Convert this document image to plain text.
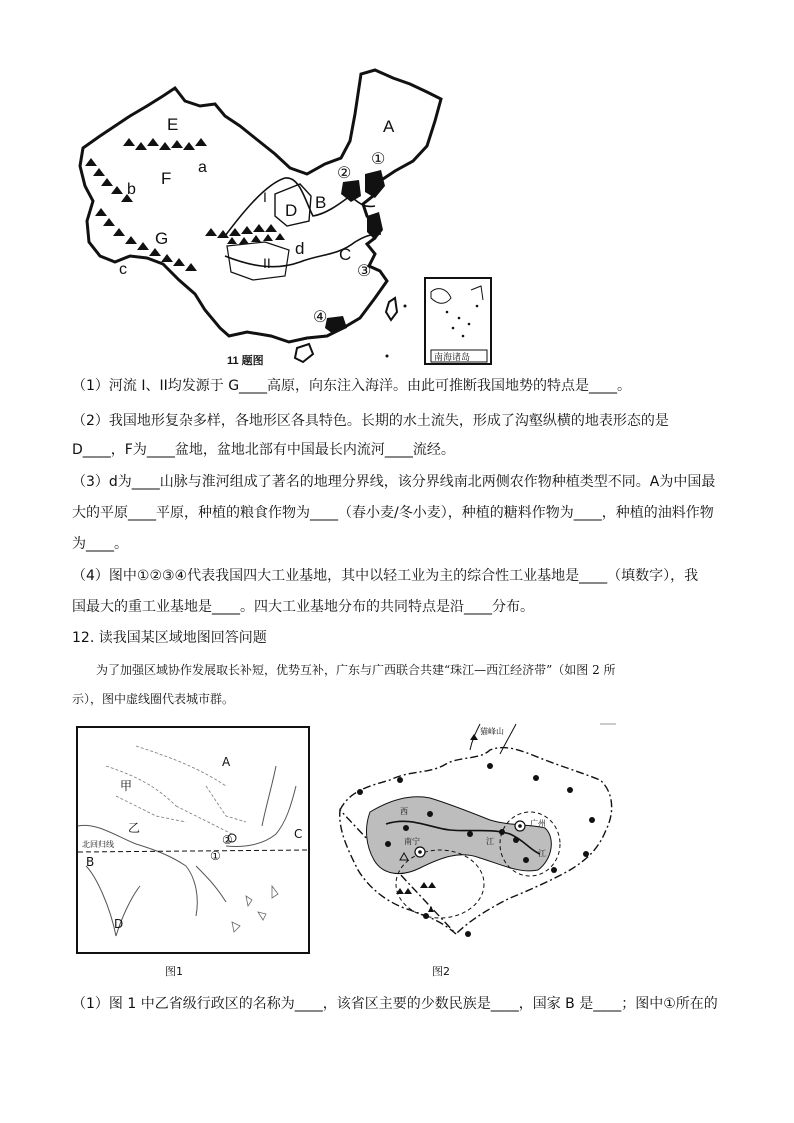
E
a
F
b
G
c
A
I
D B
d
II	C
①
②
③
④
11 题图	南海诸岛
（1）河流 I、II均发源于 G____高原，向东注入海洋。由此可推断我国地势的特点是____。
（2）我国地形复杂多样，各地形区各具特色。长期的水土流失，形成了沟壑纵横的地表形态的是
D____，F为____盆地，盆地北部有中国最长内流河____流经。
（3）d为____山脉与淮河组成了著名的地理分界线，该分界线南北两侧农作物种植类型不同。A为中国最
大的平原____平原，种植的粮食作物为____（春小麦/冬小麦），种植的糖料作物为____，种植的油料作物
为____。
（4）图中①②③④代表我国四大工业基地，其中以轻工业为主的综合性工业基地是____（填数字），我
国最大的重工业基地是____。四大工业基地分布的共同特点是沿____分布。
12. 读我国某区域地图回答问题
为了加强区域协作发展取长补短，优势互补，广东与广西联合共建“珠江—西江经济带”（如图 2 所
示），图中虚线圈代表城市群。
北回归线
A
甲
乙
B
C
D
②
①
图1
猫峰山
西
南宁	江
广州
江
图2
（1）图 1 中乙省级行政区的名称为____，该省区主要的少数民族是____，国家 B 是____；图中①所在的
